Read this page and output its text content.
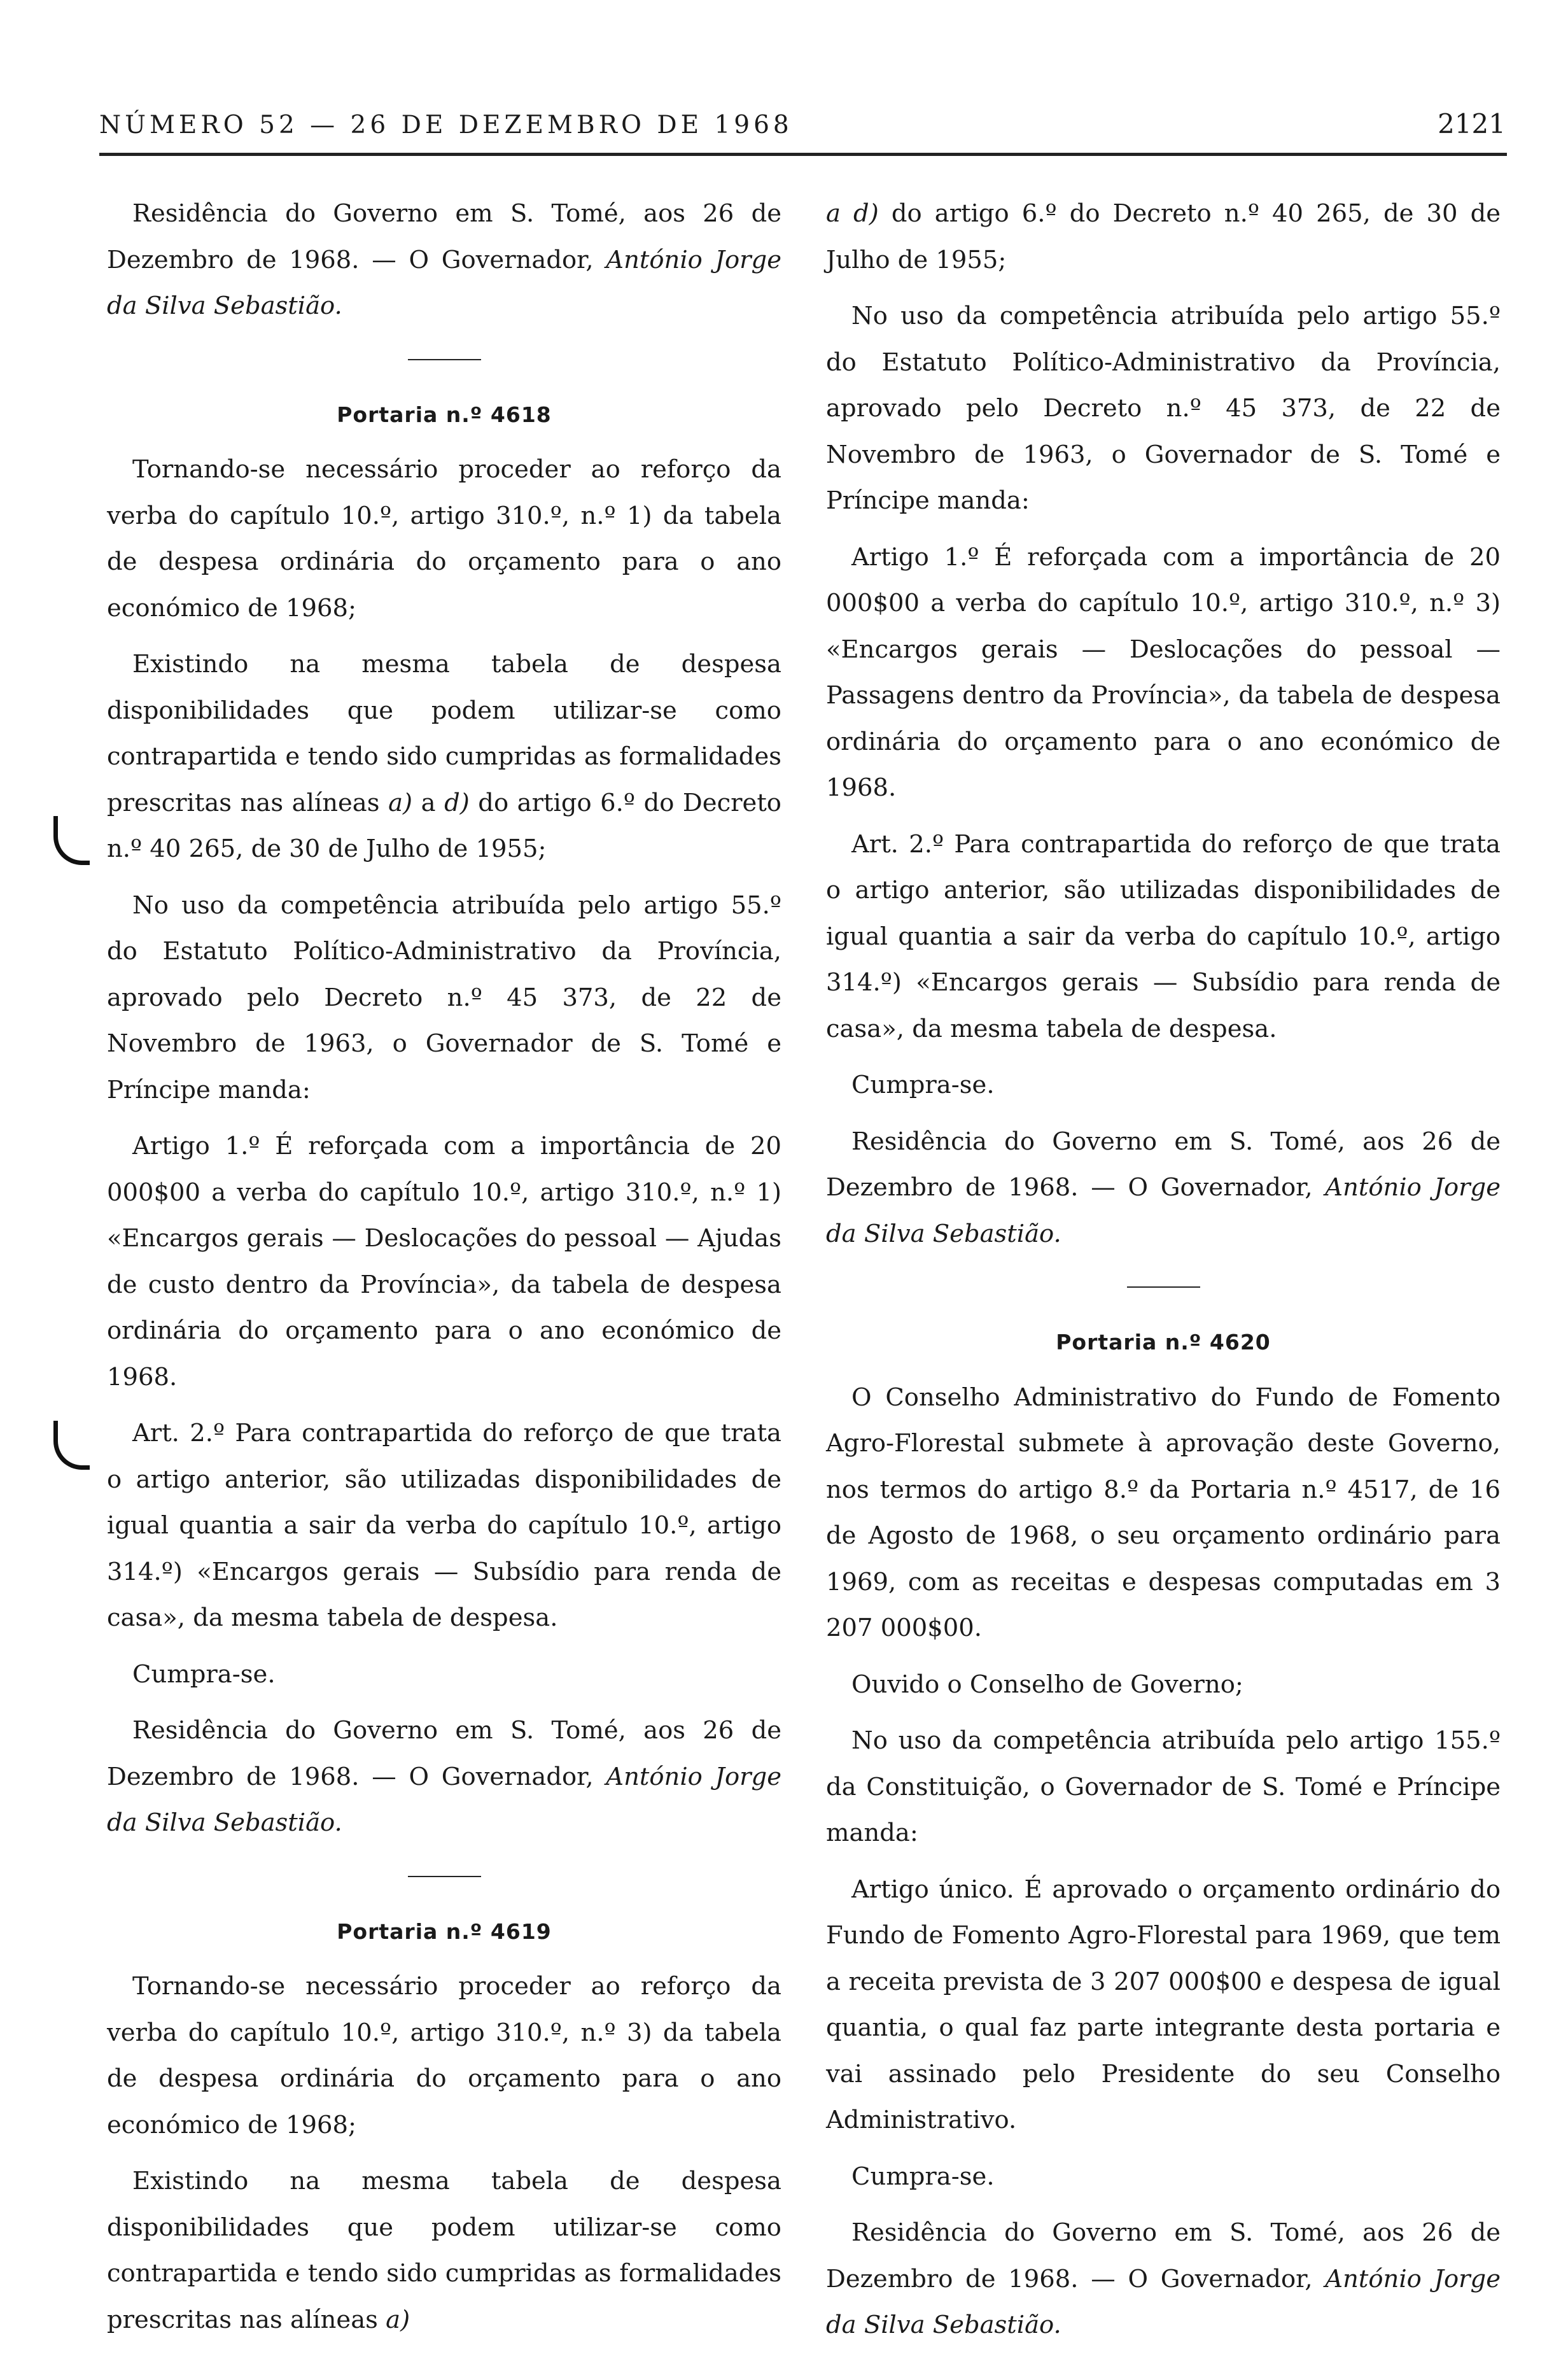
NÚMERO 52 — 26 DE DEZEMBRO DE 1968	2121

Residência do Governo em S. Tomé, aos 26 de Dezembro de 1968. — O Governador, António Jorge da Silva Sebastião.

Portaria n.º 4618

Tornando-se necessário proceder ao reforço da verba do capítulo 10.º, artigo 310.º, n.º 1) da tabela de despesa ordinária do orçamento para o ano económico de 1968;

Existindo na mesma tabela de despesa disponibilidades que podem utilizar-se como contrapartida e tendo sido cumpridas as formalidades prescritas nas alíneas a) a d) do artigo 6.º do Decreto n.º 40 265, de 30 de Julho de 1955;

No uso da competência atribuída pelo artigo 55.º do Estatuto Político-Administrativo da Província, aprovado pelo Decreto n.º 45 373, de 22 de Novembro de 1963, o Governador de S. Tomé e Príncipe manda:

Artigo 1.º É reforçada com a importância de 20 000$00 a verba do capítulo 10.º, artigo 310.º, n.º 1) «Encargos gerais — Deslocações do pessoal — Ajudas de custo dentro da Província», da tabela de despesa ordinária do orçamento para o ano económico de 1968.

Art. 2.º Para contrapartida do reforço de que trata o artigo anterior, são utilizadas disponibilidades de igual quantia a sair da verba do capítulo 10.º, artigo 314.º) «Encargos gerais — Subsídio para renda de casa», da mesma tabela de despesa.

Cumpra-se.

Residência do Governo em S. Tomé, aos 26 de Dezembro de 1968. — O Governador, António Jorge da Silva Sebastião.

Portaria n.º 4619

Tornando-se necessário proceder ao reforço da verba do capítulo 10.º, artigo 310.º, n.º 3) da tabela de despesa ordinária do orçamento para o ano económico de 1968;

Existindo na mesma tabela de despesa disponibilidades que podem utilizar-se como contrapartida e tendo sido cumpridas as formalidades prescritas nas alíneas a)

a d) do artigo 6.º do Decreto n.º 40 265, de 30 de Julho de 1955;

No uso da competência atribuída pelo artigo 55.º do Estatuto Político-Administrativo da Província, aprovado pelo Decreto n.º 45 373, de 22 de Novembro de 1963, o Governador de S. Tomé e Príncipe manda:

Artigo 1.º É reforçada com a importância de 20 000$00 a verba do capítulo 10.º, artigo 310.º, n.º 3) «Encargos gerais — Deslocações do pessoal — Passagens dentro da Província», da tabela de despesa ordinária do orçamento para o ano económico de 1968.

Art. 2.º Para contrapartida do reforço de que trata o artigo anterior, são utilizadas disponibilidades de igual quantia a sair da verba do capítulo 10.º, artigo 314.º) «Encargos gerais — Subsídio para renda de casa», da mesma tabela de despesa.

Cumpra-se.

Residência do Governo em S. Tomé, aos 26 de Dezembro de 1968. — O Governador, António Jorge da Silva Sebastião.

Portaria n.º 4620

O Conselho Administrativo do Fundo de Fomento Agro-Florestal submete à aprovação deste Governo, nos termos do artigo 8.º da Portaria n.º 4517, de 16 de Agosto de 1968, o seu orçamento ordinário para 1969, com as receitas e despesas computadas em 3 207 000$00.

Ouvido o Conselho de Governo;

No uso da competência atribuída pelo artigo 155.º da Constituição, o Governador de S. Tomé e Príncipe manda:

Artigo único. É aprovado o orçamento ordinário do Fundo de Fomento Agro-Florestal para 1969, que tem a receita prevista de 3 207 000$00 e despesa de igual quantia, o qual faz parte integrante desta portaria e vai assinado pelo Presidente do seu Conselho Administrativo.

Cumpra-se.

Residência do Governo em S. Tomé, aos 26 de Dezembro de 1968. — O Governador, António Jorge da Silva Sebastião.
